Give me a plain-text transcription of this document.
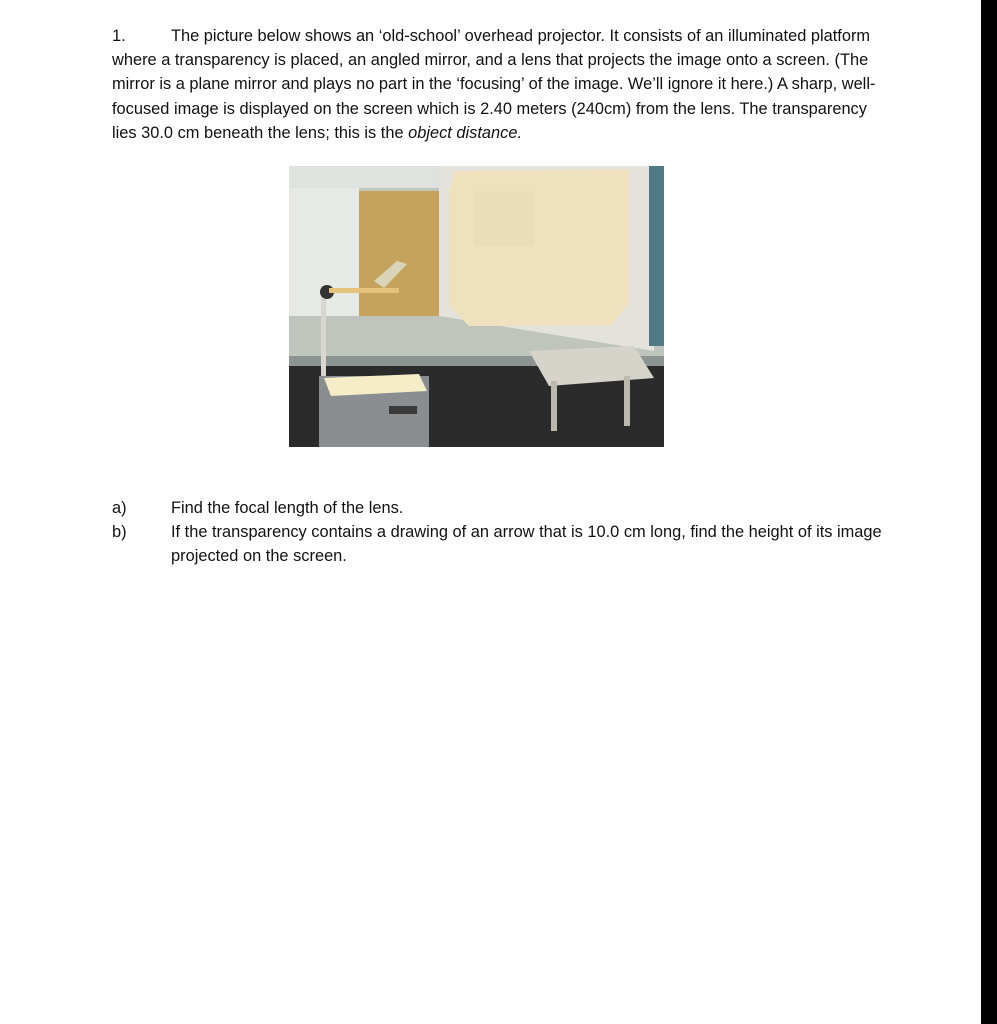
1.	The picture below shows an ‘old-school’ overhead projector. It consists of an illuminated platform where a transparency is placed, an angled mirror, and a lens that projects the image onto a screen. (The mirror is a plane mirror and plays no part in the ‘focusing’ of the image. We’ll ignore it here.) A sharp, well-focused image is displayed on the screen which is 2.40 meters (240cm) from the lens. The transparency lies 30.0 cm beneath the lens; this is the object distance.
a)	Find the focal length of the lens.
b)	If the transparency contains a drawing of an arrow that is 10.0 cm long, find the height of its image projected on the screen.
